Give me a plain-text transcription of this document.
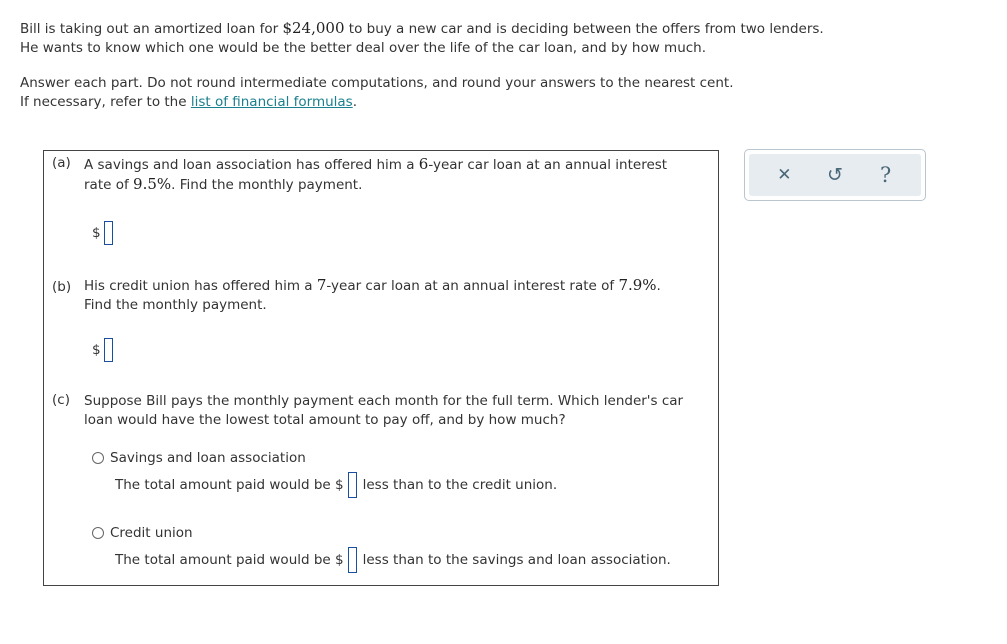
Bill is taking out an amortized loan for $24,000 to buy a new car and is deciding between the offers from two lenders.

He wants to know which one would be the better deal over the life of the car loan, and by how much.

Answer each part. Do not round intermediate computations, and round your answers to the nearest cent.

If necessary, refer to the list of financial formulas.

(a) A savings and loan association has offered him a 6-year car loan at an annual interest
rate of 9.5%. Find the monthly payment.
$
(b) His credit union has offered him a 7-year car loan at an annual interest rate of 7.9%.
Find the monthly payment.
$
(c) Suppose Bill pays the monthly payment each month for the full term. Which lender's car
loan would have the lowest total amount to pay off, and by how much?
Savings and loan association
The total amount paid would be $ less than to the credit union.
Credit union
The total amount paid would be $ less than to the savings and loan association.
✕	↺	?
